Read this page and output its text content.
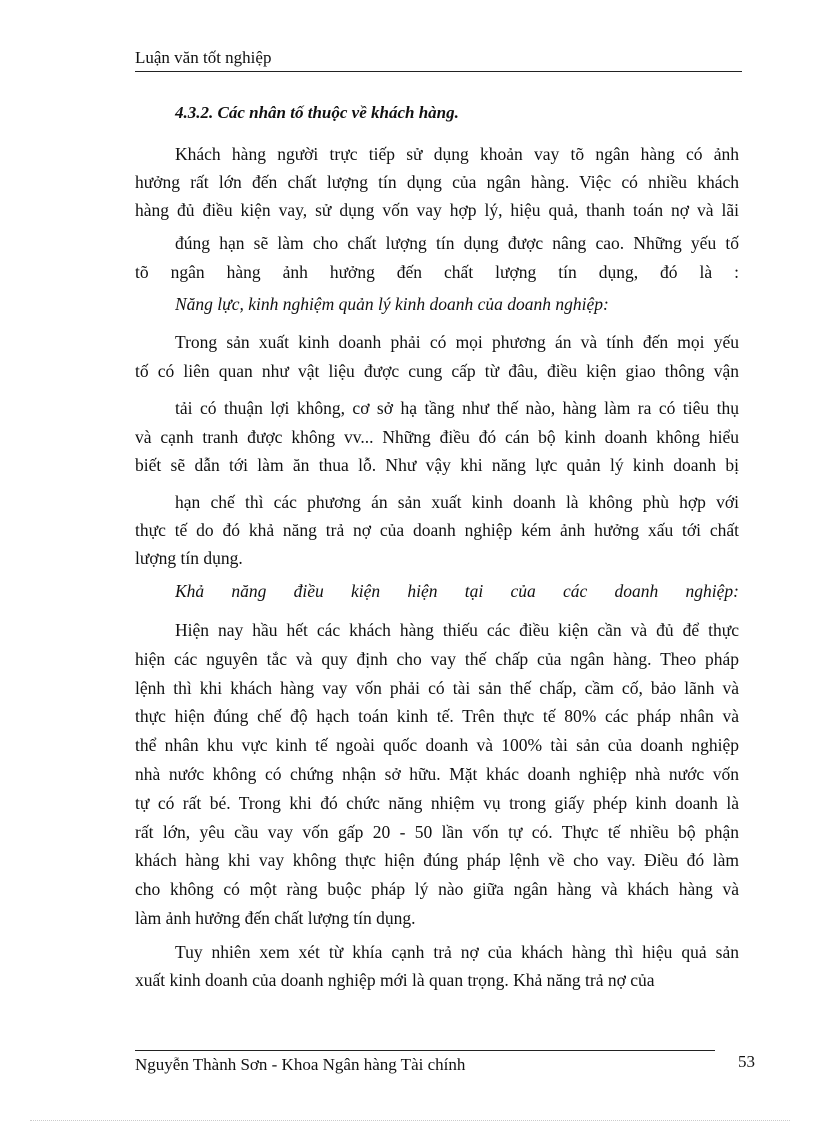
Luận văn tốt nghiệp
4.3.2. Các nhân tố thuộc về khách hàng.
Khách hàng người trực tiếp sử dụng khoản vay tõ ngân hàng có ảnh
hưởng rất lớn đến chất lượng tín dụng của ngân hàng. Việc có nhiều khách
hàng đủ điều kiện vay, sử dụng vốn vay hợp lý, hiệu quả, thanh toán nợ và lãi
đúng hạn sẽ làm cho chất lượng tín dụng được nâng cao. Những yếu tố
tõ ngân hàng ảnh hưởng đến chất lượng tín dụng, đó là :
Năng lực, kinh nghiệm quản lý kinh doanh của doanh nghiệp:
Trong sản xuất kinh doanh phải có mọi phương án và tính đến mọi yếu
tố có liên quan như vật liệu được cung cấp từ đâu, điều kiện giao thông vận
tải có thuận lợi không, cơ sở hạ tầng như thế nào, hàng làm ra có tiêu thụ
và cạnh tranh được không vv... Những điều đó cán bộ kinh doanh không hiểu
biết sẽ dẫn tới làm ăn thua lỗ. Như vậy khi năng lực quản lý kinh doanh bị
hạn chế thì các phương án sản xuất kinh doanh là không phù hợp với
thực tế do đó khả năng trả nợ của doanh nghiệp kém ảnh hưởng xấu tới chất
lượng tín dụng.
Khả năng điều kiện hiện tại của các doanh nghiệp:
Hiện nay hầu hết các khách hàng thiếu các điều kiện cần và đủ để thực
hiện các nguyên tắc và quy định cho vay thế chấp của ngân hàng. Theo pháp
lệnh thì khi khách hàng vay vốn phải có tài sản thế chấp, cầm cố, bảo lãnh và
thực hiện đúng chế độ hạch toán kinh tế. Trên thực tế 80% các pháp nhân và
thể nhân khu vực kinh tế ngoài quốc doanh và 100% tài sản của doanh nghiệp
nhà nước không có chứng nhận sở hữu. Mặt khác doanh nghiệp nhà nước vốn
tự có rất bé. Trong khi đó chức năng nhiệm vụ trong giấy phép kinh doanh là
rất lớn, yêu cầu vay vốn gấp 20 - 50 lần vốn tự có. Thực tế nhiều bộ phận
khách hàng khi vay không thực hiện đúng pháp lệnh về cho vay. Điều đó làm
cho không có một ràng buộc pháp lý nào giữa ngân hàng và khách hàng và
làm ảnh hưởng đến chất lượng tín dụng.
Tuy nhiên xem xét từ khía cạnh trả nợ của khách hàng thì hiệu quả sản
xuất kinh doanh của doanh nghiệp mới là quan trọng. Khả năng trả nợ của
Nguyễn Thành Sơn - Khoa Ngân hàng Tài chính	53
